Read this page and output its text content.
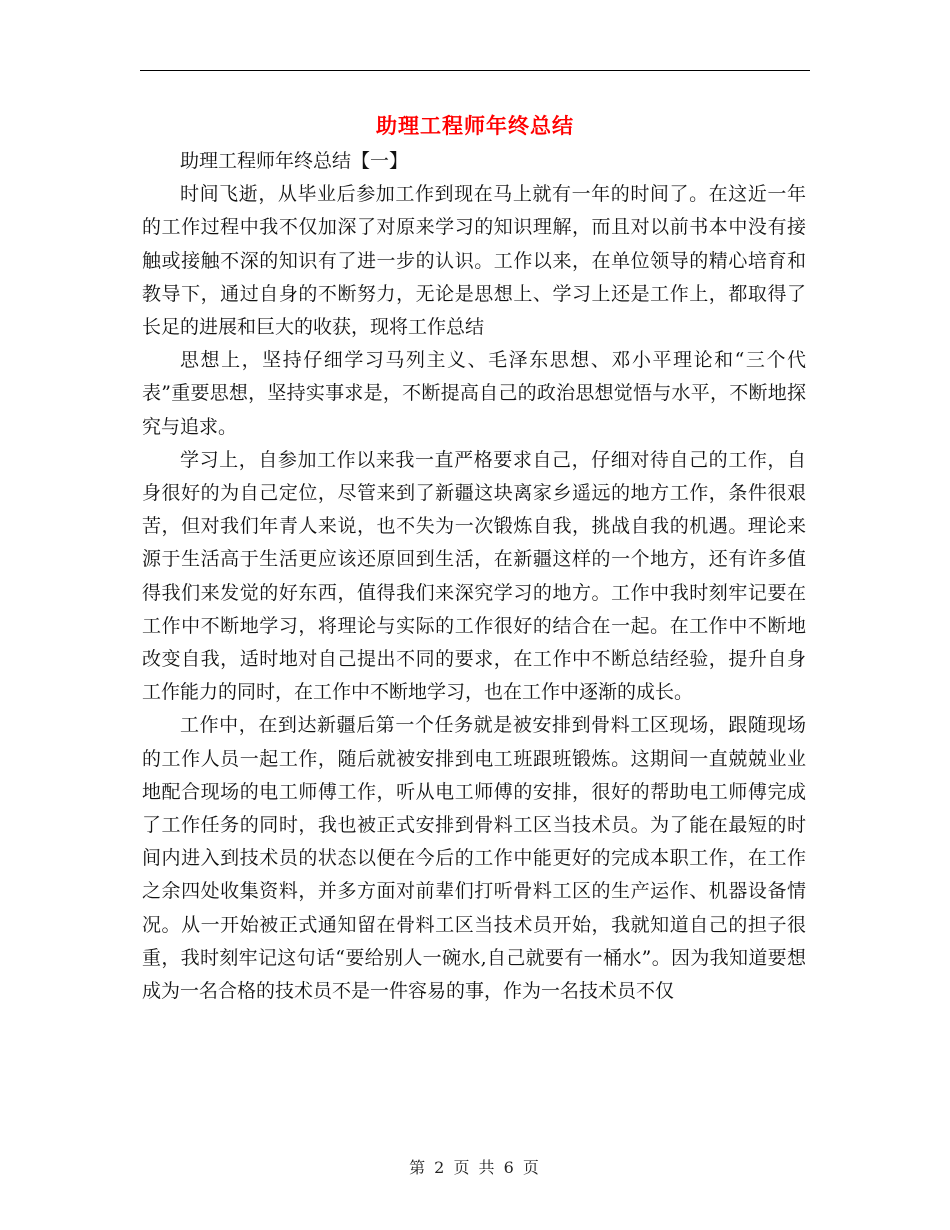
助理工程师年终总结

助理工程师年终总结【一】

时间飞逝，从毕业后参加工作到现在马上就有一年的时间了。在这近一年的工作过程中我不仅加深了对原来学习的知识理解，而且对以前书本中没有接触或接触不深的知识有了进一步的认识。工作以来，在单位领导的精心培育和教导下，通过自身的不断努力，无论是思想上、学习上还是工作上，都取得了长足的进展和巨大的收获，现将工作总结

思想上，坚持仔细学习马列主义、毛泽东思想、邓小平理论和“三个代表”重要思想，坚持实事求是，不断提高自己的政治思想觉悟与水平，不断地探究与追求。

学习上，自参加工作以来我一直严格要求自己，仔细对待自己的工作，自身很好的为自己定位，尽管来到了新疆这块离家乡遥远的地方工作，条件很艰苦，但对我们年青人来说，也不失为一次锻炼自我，挑战自我的机遇。理论来源于生活高于生活更应该还原回到生活，在新疆这样的一个地方，还有许多值得我们来发觉的好东西，值得我们来深究学习的地方。工作中我时刻牢记要在工作中不断地学习，将理论与实际的工作很好的结合在一起。在工作中不断地改变自我，适时地对自己提出不同的要求，在工作中不断总结经验，提升自身工作能力的同时，在工作中不断地学习，也在工作中逐渐的成长。

工作中，在到达新疆后第一个任务就是被安排到骨料工区现场，跟随现场的工作人员一起工作，随后就被安排到电工班跟班锻炼。这期间一直兢兢业业地配合现场的电工师傅工作，听从电工师傅的安排，很好的帮助电工师傅完成了工作任务的同时，我也被正式安排到骨料工区当技术员。为了能在最短的时间内进入到技术员的状态以便在今后的工作中能更好的完成本职工作，在工作之余四处收集资料，并多方面对前辈们打听骨料工区的生产运作、机器设备情况。从一开始被正式通知留在骨料工区当技术员开始，我就知道自己的担子很重，我时刻牢记这句话“要给别人一碗水,自己就要有一桶水”。因为我知道要想成为一名合格的技术员不是一件容易的事，作为一名技术员不仅

第 2 页 共 6 页
